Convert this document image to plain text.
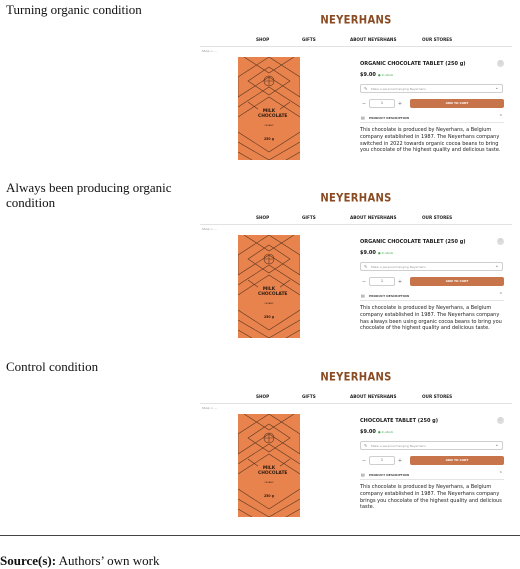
Turning organic condition
NEYERHANS
SHOP	GIFTS	ABOUT NEYERHANS	OUR STORES
Shop > ...
MILK CHOCOLATE
ORGANIC
250 g
ORGANIC CHOCOLATE TABLET (250 g)	♡
$9.00 ● In stock
✎ Make a personal hanging Neyerhans	⌄
−	1	+	ADD TO CART
▤ PRODUCT DESCRIPTION	⌃
This chocolate is produced by Neyerhans, a Belgium company established in 1987. The Neyerhans company switched in 2022 towards organic cocoa beans to bring you chocolate of the highest quality and delicious taste.
Always been producing organic condition	NEYERHANS
SHOP	GIFTS	ABOUT NEYERHANS	OUR STORES
Shop > ...
MILK CHOCOLATE
ORGANIC
250 g
ORGANIC CHOCOLATE TABLET (250 g)	♡
$9.00 ● In stock
✎ Make a personal hanging Neyerhans	⌄
−	1	+	ADD TO CART
▤ PRODUCT DESCRIPTION	⌃
This chocolate is produced by Neyerhans, a Belgium company established in 1987. The Neyerhans company has always been using organic cocoa beans to bring you chocolate of the highest quality and delicious taste.
Control condition
NEYERHANS
SHOP	GIFTS	ABOUT NEYERHANS	OUR STORES
Shop > ...
MILK CHOCOLATE
ORGANIC
250 g
CHOCOLATE TABLET (250 g)	♡
$9.00 ● In stock
✎ Make a personal hanging Neyerhans	⌄
−	1	+	ADD TO CART
▤ PRODUCT DESCRIPTION	⌃
This chocolate is produced by Neyerhans, a Belgium company established in 1987. The Neyerhans company brings you chocolate of the highest quality and delicious taste.
Source(s): Authors’ own work
